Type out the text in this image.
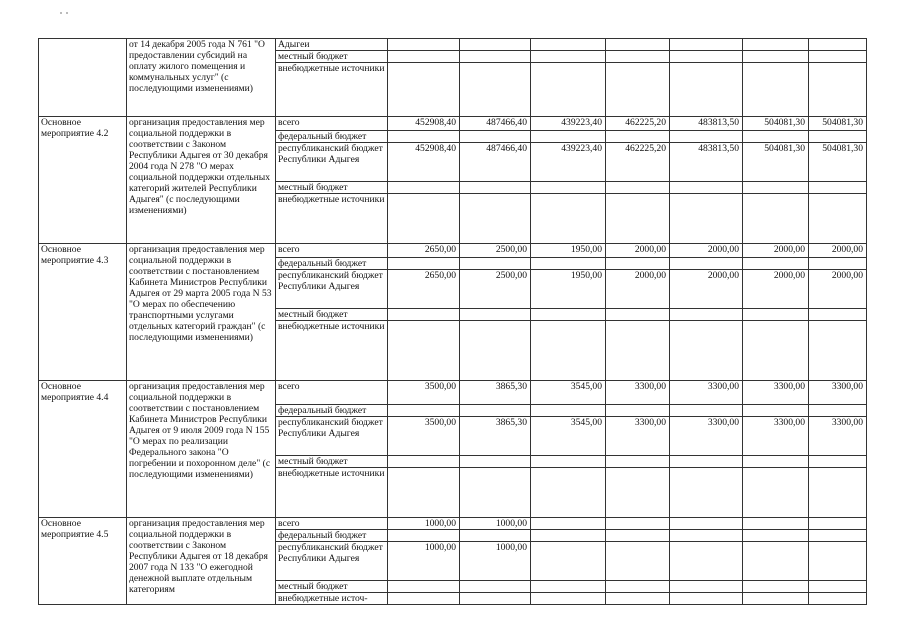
	от 14 декабря 2005 года N 761 "О предоставлении субсидий на оплату жилого помещения и коммунальных услуг" (с последующими изменениями)	Адыгеи							
		местный бюджет							
		внебюджетные источники							
Основное мероприятие 4.2	организация предоставления мер социальной поддержки в соответствии с Законом Республики Адыгея от 30 декабря 2004 года N 278 "О мерах социальной поддержки отдельных категорий жителей Республики Адыгея" (с последующими изменениями)	всего	452908,40	487466,40	439223,40	462225,20	483813,50	504081,30	504081,30
		федеральный бюджет							
		республиканский бюджет Республики Адыгея	452908,40	487466,40	439223,40	462225,20	483813,50	504081,30	504081,30
		местный бюджет							
		внебюджетные источники							
Основное мероприятие 4.3	организация предоставления мер социальной поддержки в соответствии с постановлением Кабинета Министров Республики Адыгея от 29 марта 2005 года N 53 "О мерах по обеспечению транспортными услугами отдельных категорий граждан" (с последующими изменениями)	всего	2650,00	2500,00	1950,00	2000,00	2000,00	2000,00	2000,00
		федеральный бюджет							
		республиканский бюджет Республики Адыгея	2650,00	2500,00	1950,00	2000,00	2000,00	2000,00	2000,00
		местный бюджет							
		внебюджетные источники							
Основное мероприятие 4.4	организация предоставления мер социальной поддержки в соответствии с постановлением Кабинета Министров Республики Адыгея от 9 июля 2009 года N 155 "О мерах по реализации Федерального закона "О погребении и похоронном деле" (с последующими изменениями)	всего	3500,00	3865,30	3545,00	3300,00	3300,00	3300,00	3300,00
		федеральный бюджет							
		республиканский бюджет Республики Адыгея	3500,00	3865,30	3545,00	3300,00	3300,00	3300,00	3300,00
		местный бюджет							
		внебюджетные источники							
Основное мероприятие 4.5	организация предоставления мер социальной поддержки в соответствии с Законом Республики Адыгея от 18 декабря 2007 года N 133 "О ежегодной денежной выплате отдельным категориям	всего	1000,00	1000,00					
		федеральный бюджет							
		республиканский бюджет Республики Адыгея	1000,00	1000,00					
		местный бюджет							
		внебюджетные источ-							
